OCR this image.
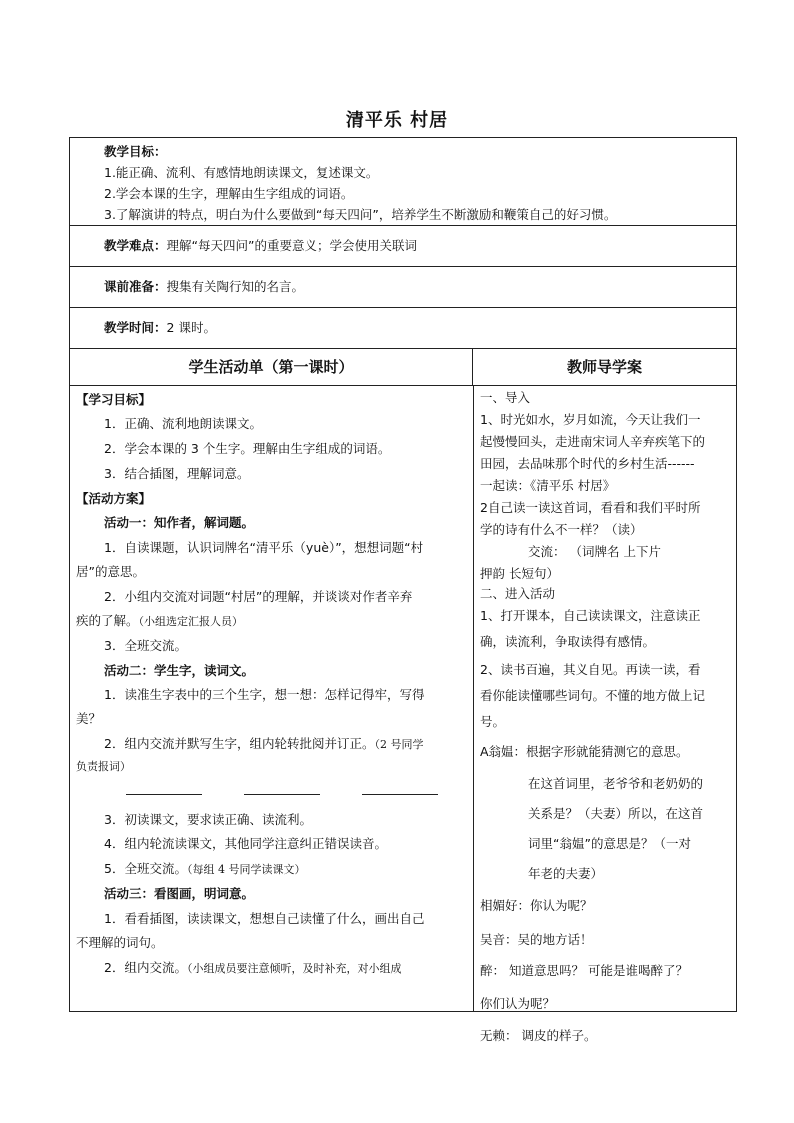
清平乐 村居
教学目标：
1.能正确、流利、有感情地朗读课文，复述课文。
2.学会本课的生字，理解由生字组成的词语。
3.了解演讲的特点，明白为什么要做到“每天四问”，培养学生不断激励和鞭策自己的好习惯。
教学难点：理解“每天四问”的重要意义；学会使用关联词
课前准备：搜集有关陶行知的名言。
教学时间：2 课时。
学生活动单（第一课时）	教师导学案
【学习目标】
1．正确、流利地朗读课文。
2．学会本课的 3 个生字。理解由生字组成的词语。
3．结合插图，理解词意。
【活动方案】
活动一：知作者，解词题。
1．自读课题，认识词牌名“清平乐（yuè）”，想想词题“村
居”的意思。
2．小组内交流对词题“村居”的理解，并谈谈对作者辛弃
疾的了解。（小组选定汇报人员）
3．全班交流。
活动二：学生字，读词文。
1．读准生字表中的三个生字，想一想：怎样记得牢，写得
美？
2．组内交流并默写生字，组内轮转批阅并订正。（2 号同学
负责报词）
3．初读课文，要求读正确、读流利。
4．组内轮流读课文，其他同学注意纠正错误读音。
5．全班交流。（每组 4 号同学读课文）
活动三：看图画，明词意。
1．看看插图，读读课文，想想自己读懂了什么，画出自己
不理解的词句。
2．组内交流。（小组成员要注意倾听，及时补充，对小组成
一、导入
1、时光如水，岁月如流，今天让我们一
起慢慢回头，走进南宋词人辛弃疾笔下的
田园，去品味那个时代的乡村生活------
一起读：《清平乐 村居》
2自己读一读这首词，看看和我们平时所
学的诗有什么不一样？（读）
交流： （词牌名 上下片
押韵 长短句）
二、进入活动
1、打开课本，自己读读课文，注意读正
确，读流利，争取读得有感情。
2、读书百遍，其义自见。再读一读，看
看你能读懂哪些词句。不懂的地方做上记
号。
A翁媪：根据字形就能猜测它的意思。
在这首词里，老爷爷和老奶奶的
关系是？（夫妻）所以，在这首
词里“翁媪”的意思是？（一对
年老的夫妻）
相媚好：你认为呢？
吴音：吴的地方话！
醉： 知道意思吗？ 可能是谁喝醉了？
你们认为呢？
无赖： 调皮的样子。
